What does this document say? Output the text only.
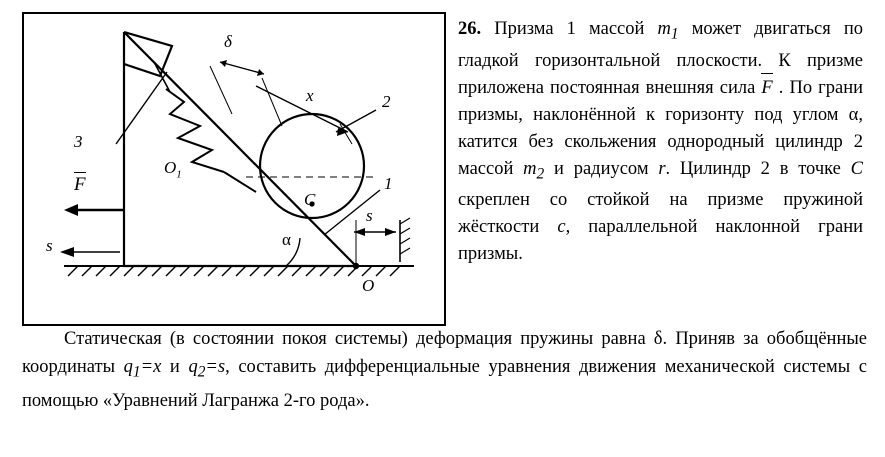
δ
x	2
3
$O_1$
C
1
F
s
s
α
O
26. Призма 1 массой $m_1$ может двигаться по гладкой горизонтальной плоскости. К призме приложена постоянная внешняя сила F . По грани призмы, наклонённой к горизонту под углом α, катится без скольжения однородный цилиндр 2 массой $m_2$ и радиусом r. Цилиндр 2 в точке C скреплен со стойкой на призме пружиной жёсткости c, параллельной наклонной грани призмы.
Статическая (в состоянии покоя системы) деформация пружины равна δ. Приняв за обобщённые координаты $q_1=x$ и $q_2=s$, составить дифференциальные уравнения движения механической системы с помощью «Уравнений Лагранжа 2-го рода».
